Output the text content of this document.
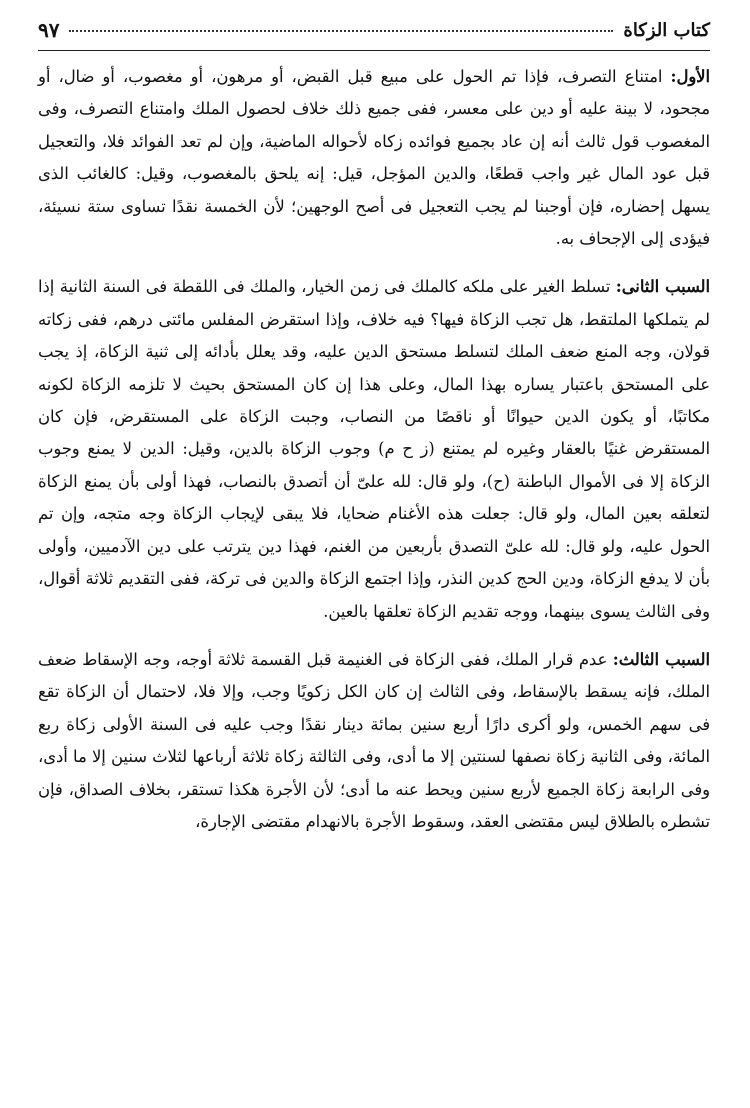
كتاب الزكاة
٩٧

الأول: امتناع التصرف، فإذا تم الحول على مبيع قبل القبض، أو مرهون، أو مغصوب، أو ضال، أو مجحود، لا بينة عليه أو دين على معسر، ففى جميع ذلك خلاف لحصول الملك وامتناع التصرف، وفى المغصوب قول ثالث أنه إن عاد بجميع فوائده زكاه لأحواله الماضية، وإن لم تعد الفوائد فلا، والتعجيل قبل عود المال غير واجب قطعًا، والدين المؤجل، قيل: إنه يلحق بالمغصوب، وقيل: كالغائب الذى يسهل إحضاره، فإن أوجبنا لم يجب التعجيل فى أصح الوجهين؛ لأن الخمسة نقدًا تساوى ستة نسيئة، فيؤدى إلى الإجحاف به.

السبب الثانى: تسلط الغير على ملكه كالملك فى زمن الخيار، والملك فى اللقطة فى السنة الثانية إذا لم يتملكها الملتقط، هل تجب الزكاة فيها؟ فيه خلاف، وإذا استقرض المفلس مائتى درهم، ففى زكاته قولان، وجه المنع ضعف الملك لتسلط مستحق الدين عليه، وقد يعلل بأدائه إلى ثنية الزكاة، إذ يجب على المستحق باعتبار يساره بهذا المال، وعلى هذا إن كان المستحق بحيث لا تلزمه الزكاة لكونه مكاتبًا، أو يكون الدين حيوانًا أو ناقصًا من النصاب، وجبت الزكاة على المستقرض، فإن كان المستقرض غنيًا بالعقار وغيره لم يمتنع (ز ح م) وجوب الزكاة بالدين، وقيل: الدين لا يمنع وجوب الزكاة إلا فى الأموال الباطنة (ح)، ولو قال: لله علىّ أن أتصدق بالنصاب، فهذا أولى بأن يمنع الزكاة لتعلقه بعين المال، ولو قال: جعلت هذه الأغنام ضحايا، فلا يبقى لإيجاب الزكاة وجه متجه، وإن تم الحول عليه، ولو قال: لله علىّ التصدق بأربعين من الغنم، فهذا دين يترتب على دين الآدميين، وأولى بأن لا يدفع الزكاة، ودين الحج كدين النذر، وإذا اجتمع الزكاة والدين فى تركة، ففى التقديم ثلاثة أقوال، وفى الثالث يسوى بينهما، ووجه تقديم الزكاة تعلقها بالعين.

السبب الثالث: عدم قرار الملك، ففى الزكاة فى الغنيمة قبل القسمة ثلاثة أوجه، وجه الإسقاط ضعف الملك، فإنه يسقط بالإسقاط، وفى الثالث إن كان الكل زكويًا وجب، وإلا فلا، لاحتمال أن الزكاة تقع فى سهم الخمس، ولو أكرى دارًا أربع سنين بمائة دينار نقدًا وجب عليه فى السنة الأولى زكاة ربع المائة، وفى الثانية زكاة نصفها لسنتين إلا ما أدى، وفى الثالثة زكاة ثلاثة أرباعها لثلاث سنين إلا ما أدى، وفى الرابعة زكاة الجميع لأربع سنين ويحط عنه ما أدى؛ لأن الأجرة هكذا تستقر، بخلاف الصداق، فإن تشطره بالطلاق ليس مقتضى العقد، وسقوط الأجرة بالانهدام مقتضى الإجارة،
